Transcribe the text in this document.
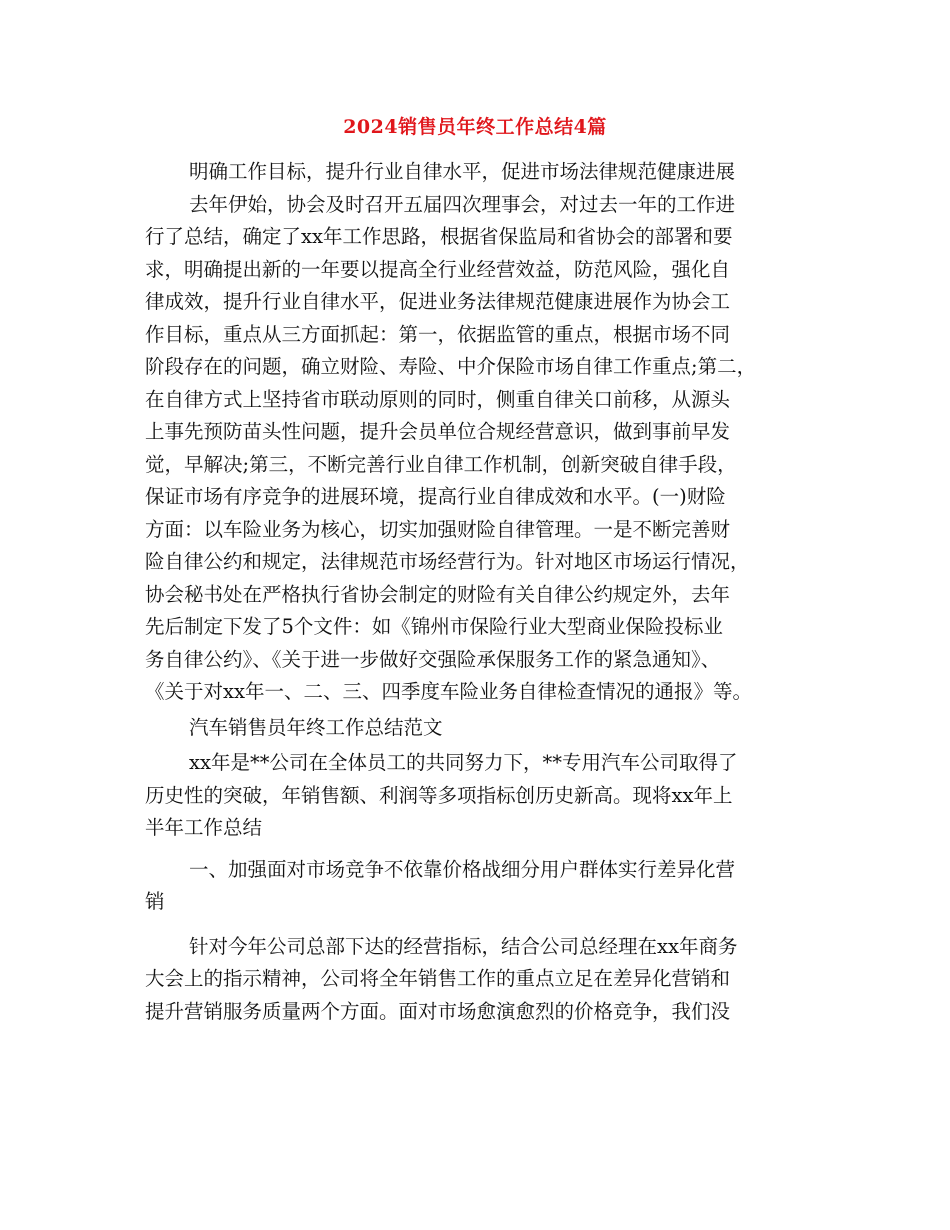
2024销售员年终工作总结4篇
明确工作目标，提升行业自律水平，促进市场法律规范健康进展
去年伊始，协会及时召开五届四次理事会，对过去一年的工作进
行了总结，确定了xx年工作思路，根据省保监局和省协会的部署和要
求，明确提出新的一年要以提高全行业经营效益，防范风险，强化自
律成效，提升行业自律水平，促进业务法律规范健康进展作为协会工
作目标，重点从三方面抓起：第一，依据监管的重点，根据市场不同
阶段存在的问题，确立财险、寿险、中介保险市场自律工作重点;第二，
在自律方式上坚持省市联动原则的同时，侧重自律关口前移，从源头
上事先预防苗头性问题，提升会员单位合规经营意识，做到事前早发
觉，早解决;第三，不断完善行业自律工作机制，创新突破自律手段，
保证市场有序竞争的进展环境，提高行业自律成效和水平。(一)财险
方面：以车险业务为核心，切实加强财险自律管理。一是不断完善财
险自律公约和规定，法律规范市场经营行为。针对地区市场运行情况，
协会秘书处在严格执行省协会制定的财险有关自律公约规定外，去年
先后制定下发了5个文件：如《锦州市保险行业大型商业保险投标业
务自律公约》、《关于进一步做好交强险承保服务工作的紧急通知》、
《关于对xx年一、二、三、四季度车险业务自律检查情况的通报》等。
汽车销售员年终工作总结范文
xx年是**公司在全体员工的共同努力下，**专用汽车公司取得了
历史性的突破，年销售额、利润等多项指标创历史新高。现将xx年上
半年工作总结
一、加强面对市场竞争不依靠价格战细分用户群体实行差异化营
销
针对今年公司总部下达的经营指标，结合公司总经理在xx年商务
大会上的指示精神，公司将全年销售工作的重点立足在差异化营销和
提升营销服务质量两个方面。面对市场愈演愈烈的价格竞争，我们没
